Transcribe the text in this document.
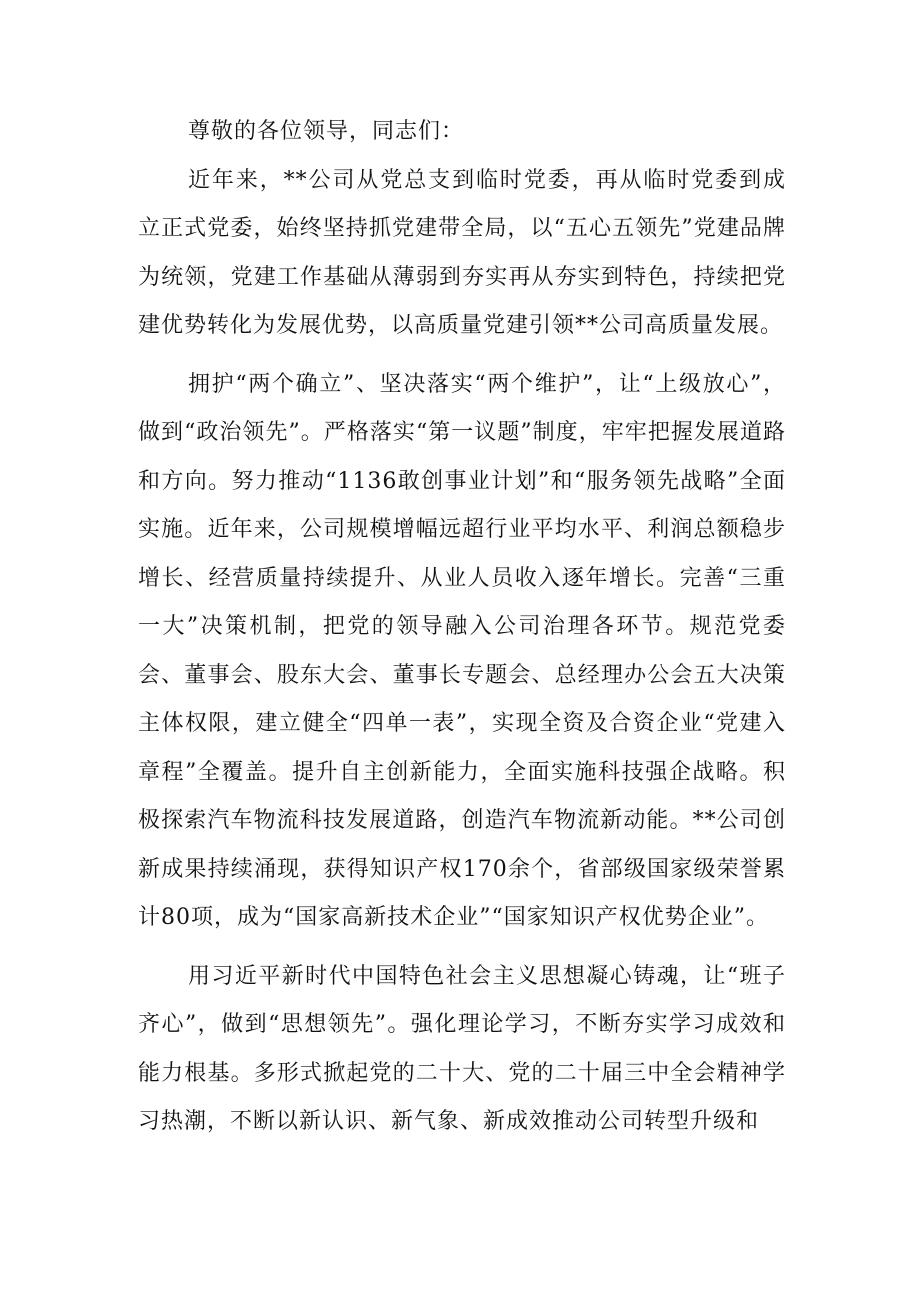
尊敬的各位领导，同志们：

近年来，**公司从党总支到临时党委，再从临时党委到成立正式党委，始终坚持抓党建带全局，以“五心五领先”党建品牌为统领，党建工作基础从薄弱到夯实再从夯实到特色，持续把党建优势转化为发展优势，以高质量党建引领**公司高质量发展。

拥护“两个确立”、坚决落实“两个维护”，让“上级放心”，做到“政治领先”。严格落实“第一议题”制度，牢牢把握发展道路和方向。努力推动“1136敢创事业计划”和“服务领先战略”全面实施。近年来，公司规模增幅远超行业平均水平、利润总额稳步增长、经营质量持续提升、从业人员收入逐年增长。完善“三重一大”决策机制，把党的领导融入公司治理各环节。规范党委会、董事会、股东大会、董事长专题会、总经理办公会五大决策主体权限，建立健全“四单一表”，实现全资及合资企业“党建入章程”全覆盖。提升自主创新能力，全面实施科技强企战略。积极探索汽车物流科技发展道路，创造汽车物流新动能。**公司创新成果持续涌现，获得知识产权170余个，省部级国家级荣誉累计80项，成为“国家高新技术企业”“国家知识产权优势企业”。

用习近平新时代中国特色社会主义思想凝心铸魂，让“班子齐心”，做到“思想领先”。强化理论学习，不断夯实学习成效和能力根基。多形式掀起党的二十大、党的二十届三中全会精神学习热潮，不断以新认识、新气象、新成效推动公司转型升级和
